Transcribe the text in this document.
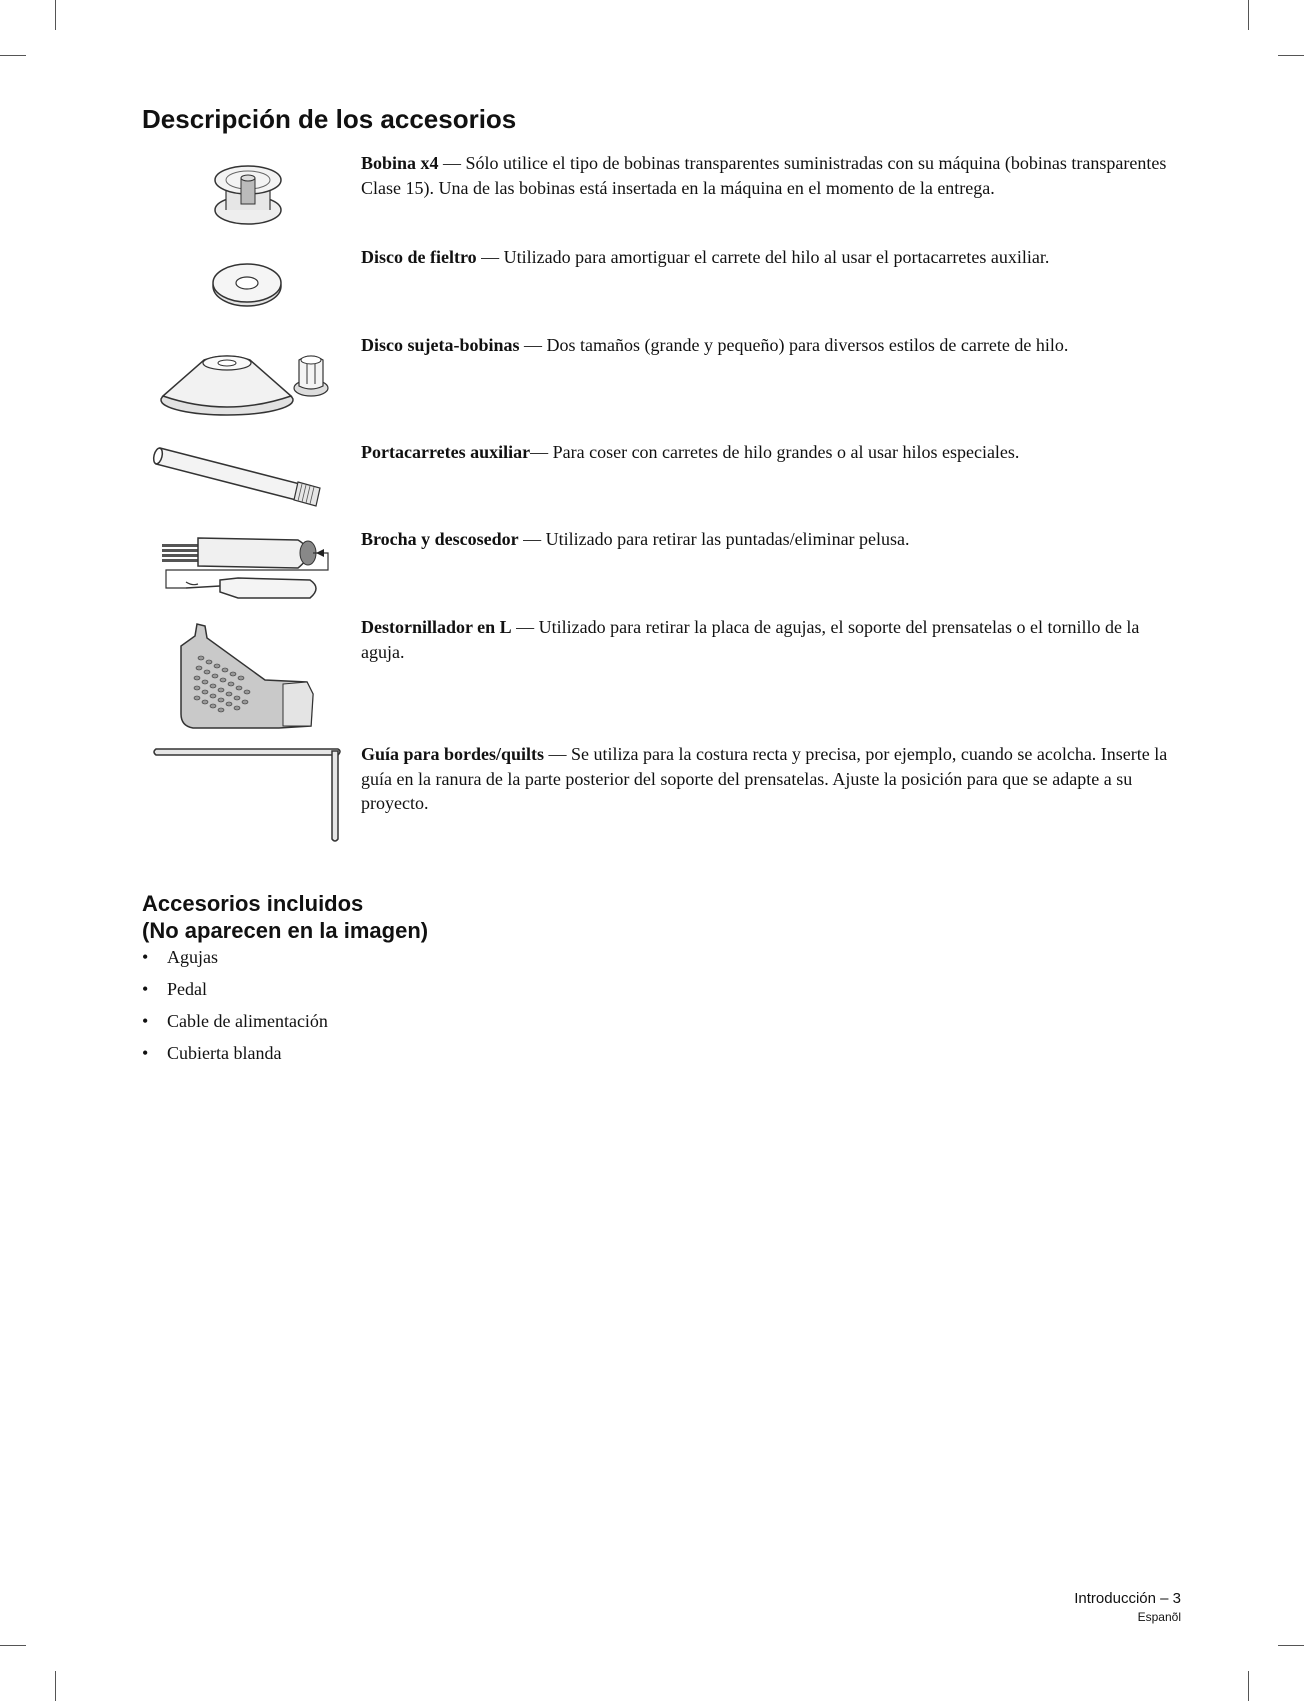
Descripción de los accesorios

Bobina x4 — Sólo utilice el tipo de bobinas transparentes suministradas con su máquina (bobinas transparentes Clase 15). Una de las bobinas está insertada en la máquina en el momento de la entrega.

Disco de fieltro — Utilizado para amortiguar el carrete del hilo al usar el portacarretes auxiliar.

Disco sujeta-bobinas — Dos tamaños (grande y pequeño) para diversos estilos de carrete de hilo.

Portacarretes auxiliar— Para coser con carretes de hilo grandes o al usar hilos especiales.

Brocha y descosedor — Utilizado para retirar las puntadas/eliminar pelusa.

Destornillador en L — Utilizado para retirar la placa de agujas, el soporte del prensatelas o el tornillo de la aguja.

Guía para bordes/quilts — Se utiliza para la costura recta y precisa, por ejemplo, cuando se acolcha. Inserte la guía en la ranura de la parte posterior del soporte del prensatelas. Ajuste la posición para que se adapte a su proyecto.

Accesorios incluidos
(No aparecen en la imagen)
• Agujas
• Pedal
• Cable de alimentación
• Cubierta blanda
Introducción – 3
Espanõl
